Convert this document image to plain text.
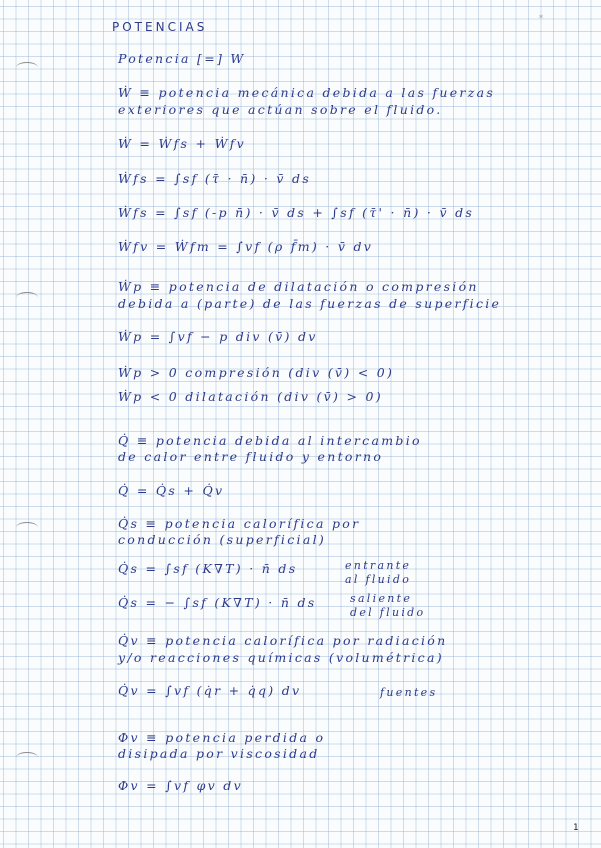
*
POTENCIAS
Potencia [=] W
Ẇ ≡ potencia mecánica debida a las fuerzas
exteriores que actúan sobre el fluido.
Ẇ = Ẇfs + Ẇfv
Ẇfs = ∫sf (τ̄ · n̄) · v̄ ds
Ẇfs = ∫sf (-p n̄) · v̄ ds + ∫sf (τ̄' · n̄) · v̄ ds
Ẇfv = Ẇfm = ∫vf (ρ f̄m) · v̄ dv
Ẇp ≡ potencia de dilatación o compresión
debida a (parte) de las fuerzas de superficie
Ẇp = ∫vf − p div (v̄) dv
Ẇp > 0 compresión (div (v̄) < 0)
Ẇp < 0 dilatación (div (v̄) > 0)
Q̇ ≡ potencia debida al intercambio
de calor entre fluido y entorno
Q̇ = Q̇s + Q̇v
Q̇s ≡ potencia calorífica por
conducción (superficial)
Q̇s = ∫sf (K∇T) · n̄ ds	entrante
al fluido
Q̇s = − ∫sf (K∇T) · n̄ ds	saliente
del fluido
Q̇v ≡ potencia calorífica por radiación
y/o reacciones químicas (volumétrica)
Q̇v = ∫vf (q̇r + q̇q) dv	fuentes
Φv ≡ potencia perdida o
disipada por viscosidad
Φv = ∫vf φv dv
1
